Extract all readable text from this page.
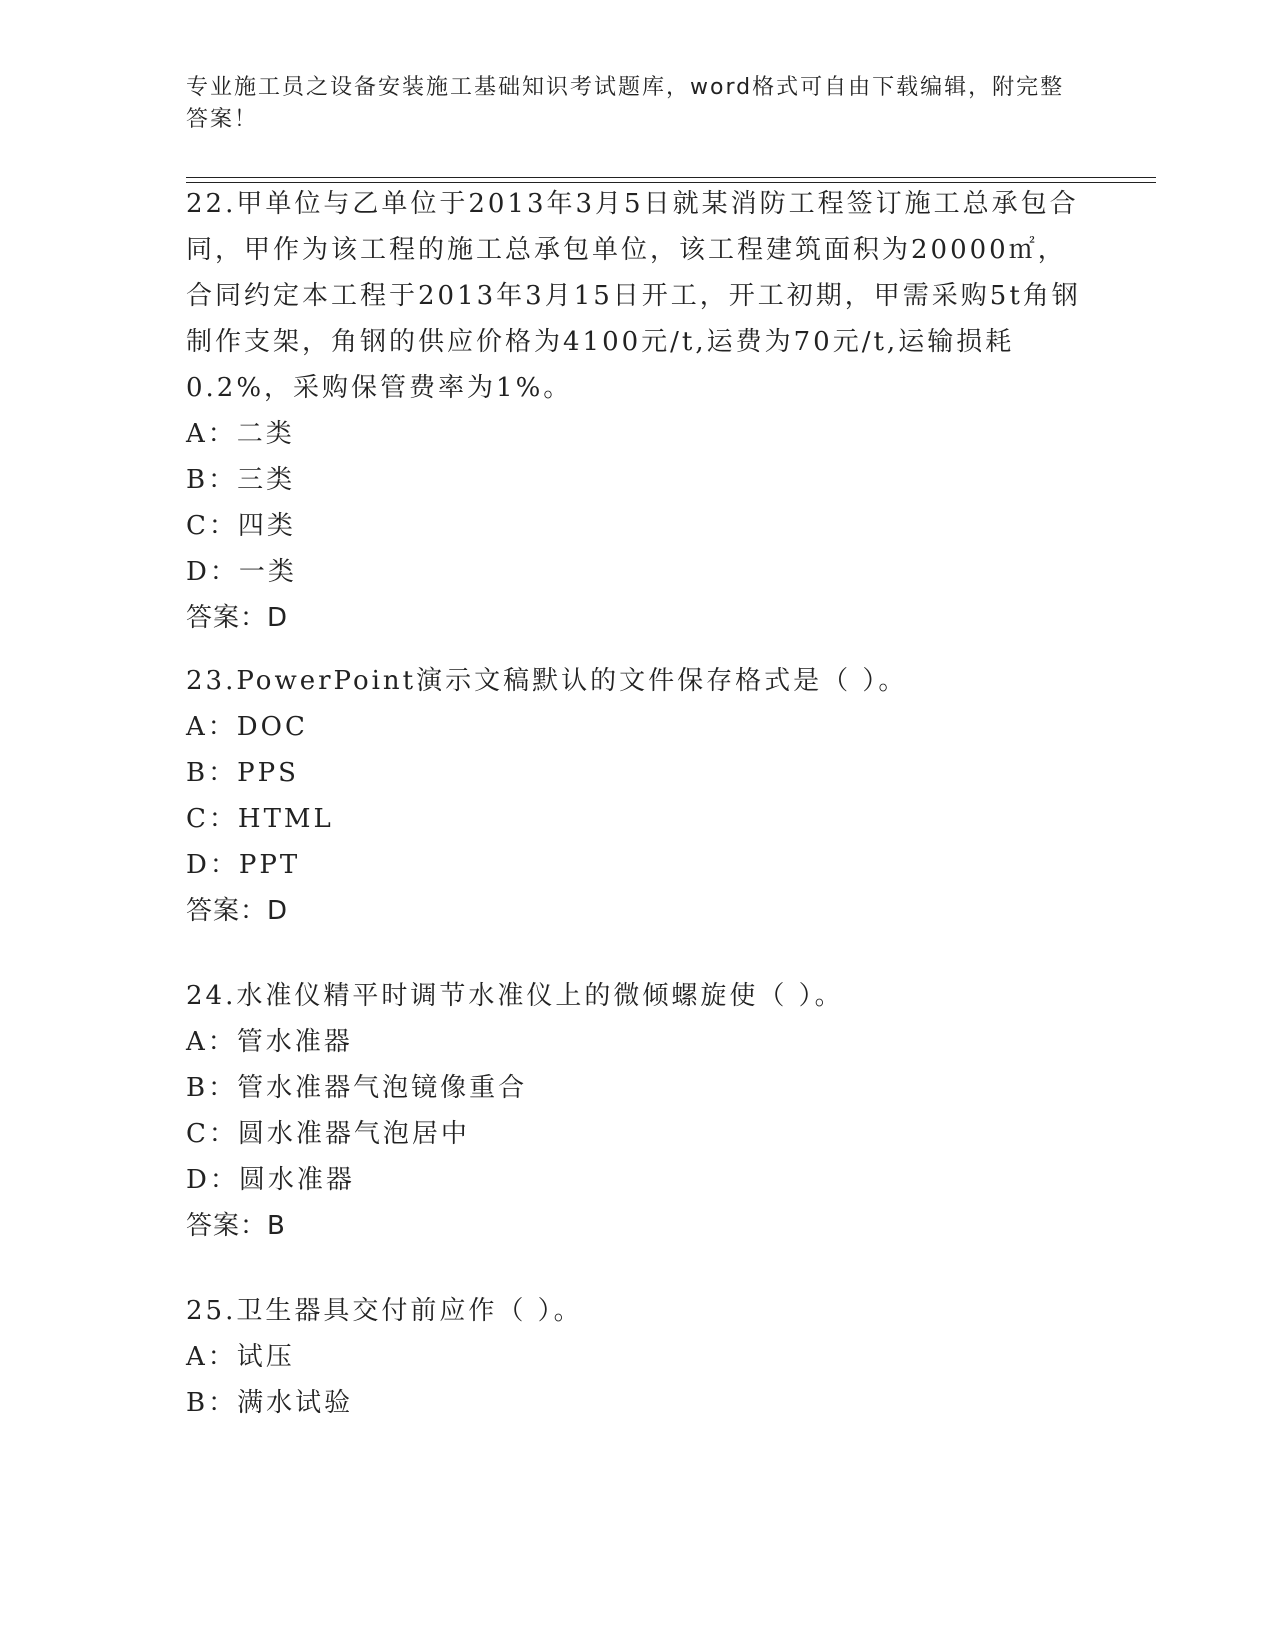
专业施工员之设备安装施工基础知识考试题库，word格式可自由下载编辑，附完整答案！

22.甲单位与乙单位于2013年3月5日就某消防工程签订施工总承包合同，甲作为该工程的施工总承包单位，该工程建筑面积为20000㎡，合同约定本工程于2013年3月15日开工，开工初期，甲需采购5t角钢制作支架，角钢的供应价格为4100元/t,运费为70元/t,运输损耗0.2%，采购保管费率为1%。

A：二类

B：三类

C：四类

D：一类

答案：D

23.PowerPoint演示文稿默认的文件保存格式是（ ）。

A：DOC

B：PPS

C：HTML

D：PPT

答案：D

24.水准仪精平时调节水准仪上的微倾螺旋使（ ）。

A：管水准器

B：管水准器气泡镜像重合

C：圆水准器气泡居中

D：圆水准器

答案：B

25.卫生器具交付前应作（ ）。

A：试压

B：满水试验
